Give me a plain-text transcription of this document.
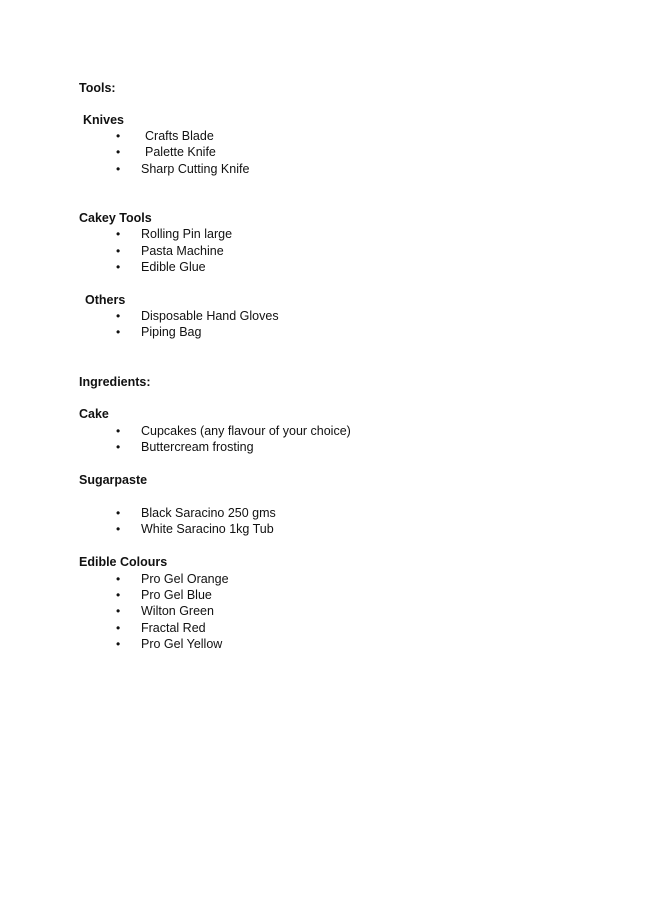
Tools:
Knives
• Crafts Blade
• Palette Knife
• Sharp Cutting Knife
Cakey Tools
• Rolling Pin large
• Pasta Machine
• Edible Glue
Others
• Disposable Hand Gloves
• Piping Bag
Ingredients:
Cake
• Cupcakes (any flavour of your choice)
• Buttercream frosting
Sugarpaste
• Black Saracino 250 gms
• White Saracino 1kg Tub
Edible Colours
• Pro Gel Orange
• Pro Gel Blue
• Wilton Green
• Fractal Red
• Pro Gel Yellow
